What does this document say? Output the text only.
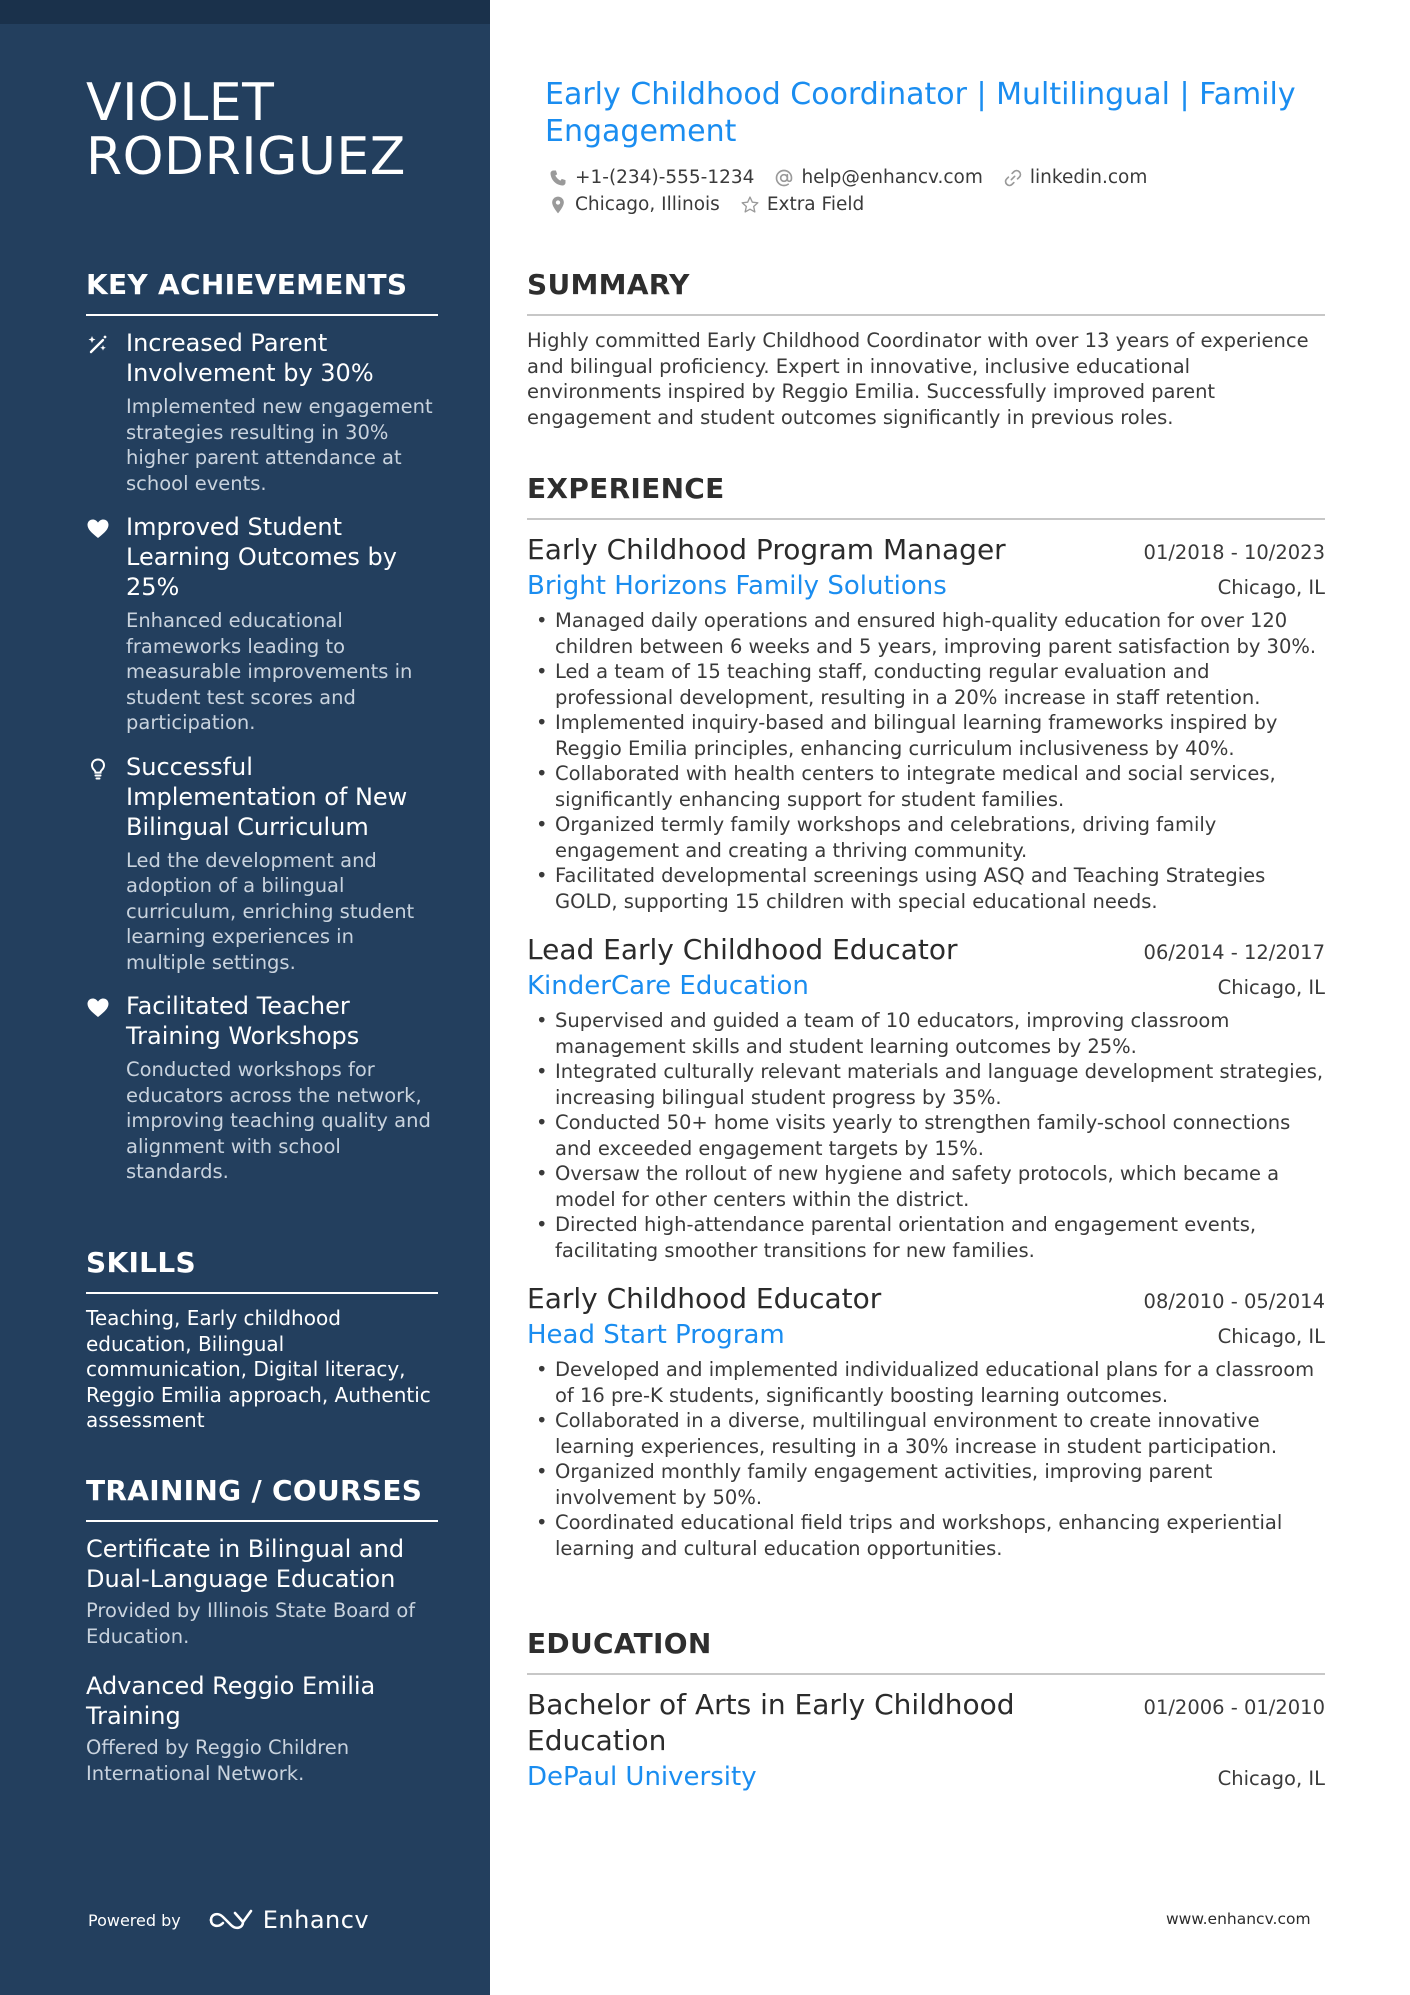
VIOLET RODRIGUEZ
KEY ACHIEVEMENTS
Increased Parent Involvement by 30%
Implemented new engagement strategies resulting in 30% higher parent attendance at school events.
Improved Student Learning Outcomes by 25%
Enhanced educational frameworks leading to measurable improvements in student test scores and participation.
Successful Implementation of New Bilingual Curriculum
Led the development and adoption of a bilingual curriculum, enriching student learning experiences in multiple settings.
Facilitated Teacher Training Workshops
Conducted workshops for educators across the network, improving teaching quality and alignment with school standards.
SKILLS
Teaching, Early childhood education, Bilingual communication, Digital literacy, Reggio Emilia approach, Authentic assessment
TRAINING / COURSES
Certificate in Bilingual and Dual-Language Education
Provided by Illinois State Board of Education.
Advanced Reggio Emilia Training
Offered by Reggio Children International Network.
Powered by	Enhancv
Early Childhood Coordinator | Multilingual | Family Engagement
+1-(234)-555-1234	help@enhancv.com	linkedin.com
Chicago, Illinois	Extra Field
SUMMARY

Highly committed Early Childhood Coordinator with over 13 years of experience and bilingual proficiency. Expert in innovative, inclusive educational environments inspired by Reggio Emilia. Successfully improved parent engagement and student outcomes significantly in previous roles.

EXPERIENCE
Early Childhood Program Manager	01/2018 - 10/2023
Bright Horizons Family Solutions	Chicago, IL
• Managed daily operations and ensured high-quality education for over 120 children between 6 weeks and 5 years, improving parent satisfaction by 30%.
• Led a team of 15 teaching staff, conducting regular evaluation and professional development, resulting in a 20% increase in staff retention.
• Implemented inquiry-based and bilingual learning frameworks inspired by Reggio Emilia principles, enhancing curriculum inclusiveness by 40%.
• Collaborated with health centers to integrate medical and social services, significantly enhancing support for student families.
• Organized termly family workshops and celebrations, driving family engagement and creating a thriving community.
• Facilitated developmental screenings using ASQ and Teaching Strategies GOLD, supporting 15 children with special educational needs.
Lead Early Childhood Educator	06/2014 - 12/2017
KinderCare Education	Chicago, IL
• Supervised and guided a team of 10 educators, improving classroom management skills and student learning outcomes by 25%.
• Integrated culturally relevant materials and language development strategies, increasing bilingual student progress by 35%.
• Conducted 50+ home visits yearly to strengthen family-school connections and exceeded engagement targets by 15%.
• Oversaw the rollout of new hygiene and safety protocols, which became a model for other centers within the district.
• Directed high-attendance parental orientation and engagement events, facilitating smoother transitions for new families.
Early Childhood Educator	08/2010 - 05/2014
Head Start Program	Chicago, IL
• Developed and implemented individualized educational plans for a classroom of 16 pre-K students, significantly boosting learning outcomes.
• Collaborated in a diverse, multilingual environment to create innovative learning experiences, resulting in a 30% increase in student participation.
• Organized monthly family engagement activities, improving parent involvement by 50%.
• Coordinated educational field trips and workshops, enhancing experiential learning and cultural education opportunities.
EDUCATION
Bachelor of Arts in Early Childhood Education
01/2006 - 01/2010
DePaul University	Chicago, IL
www.enhancv.com
